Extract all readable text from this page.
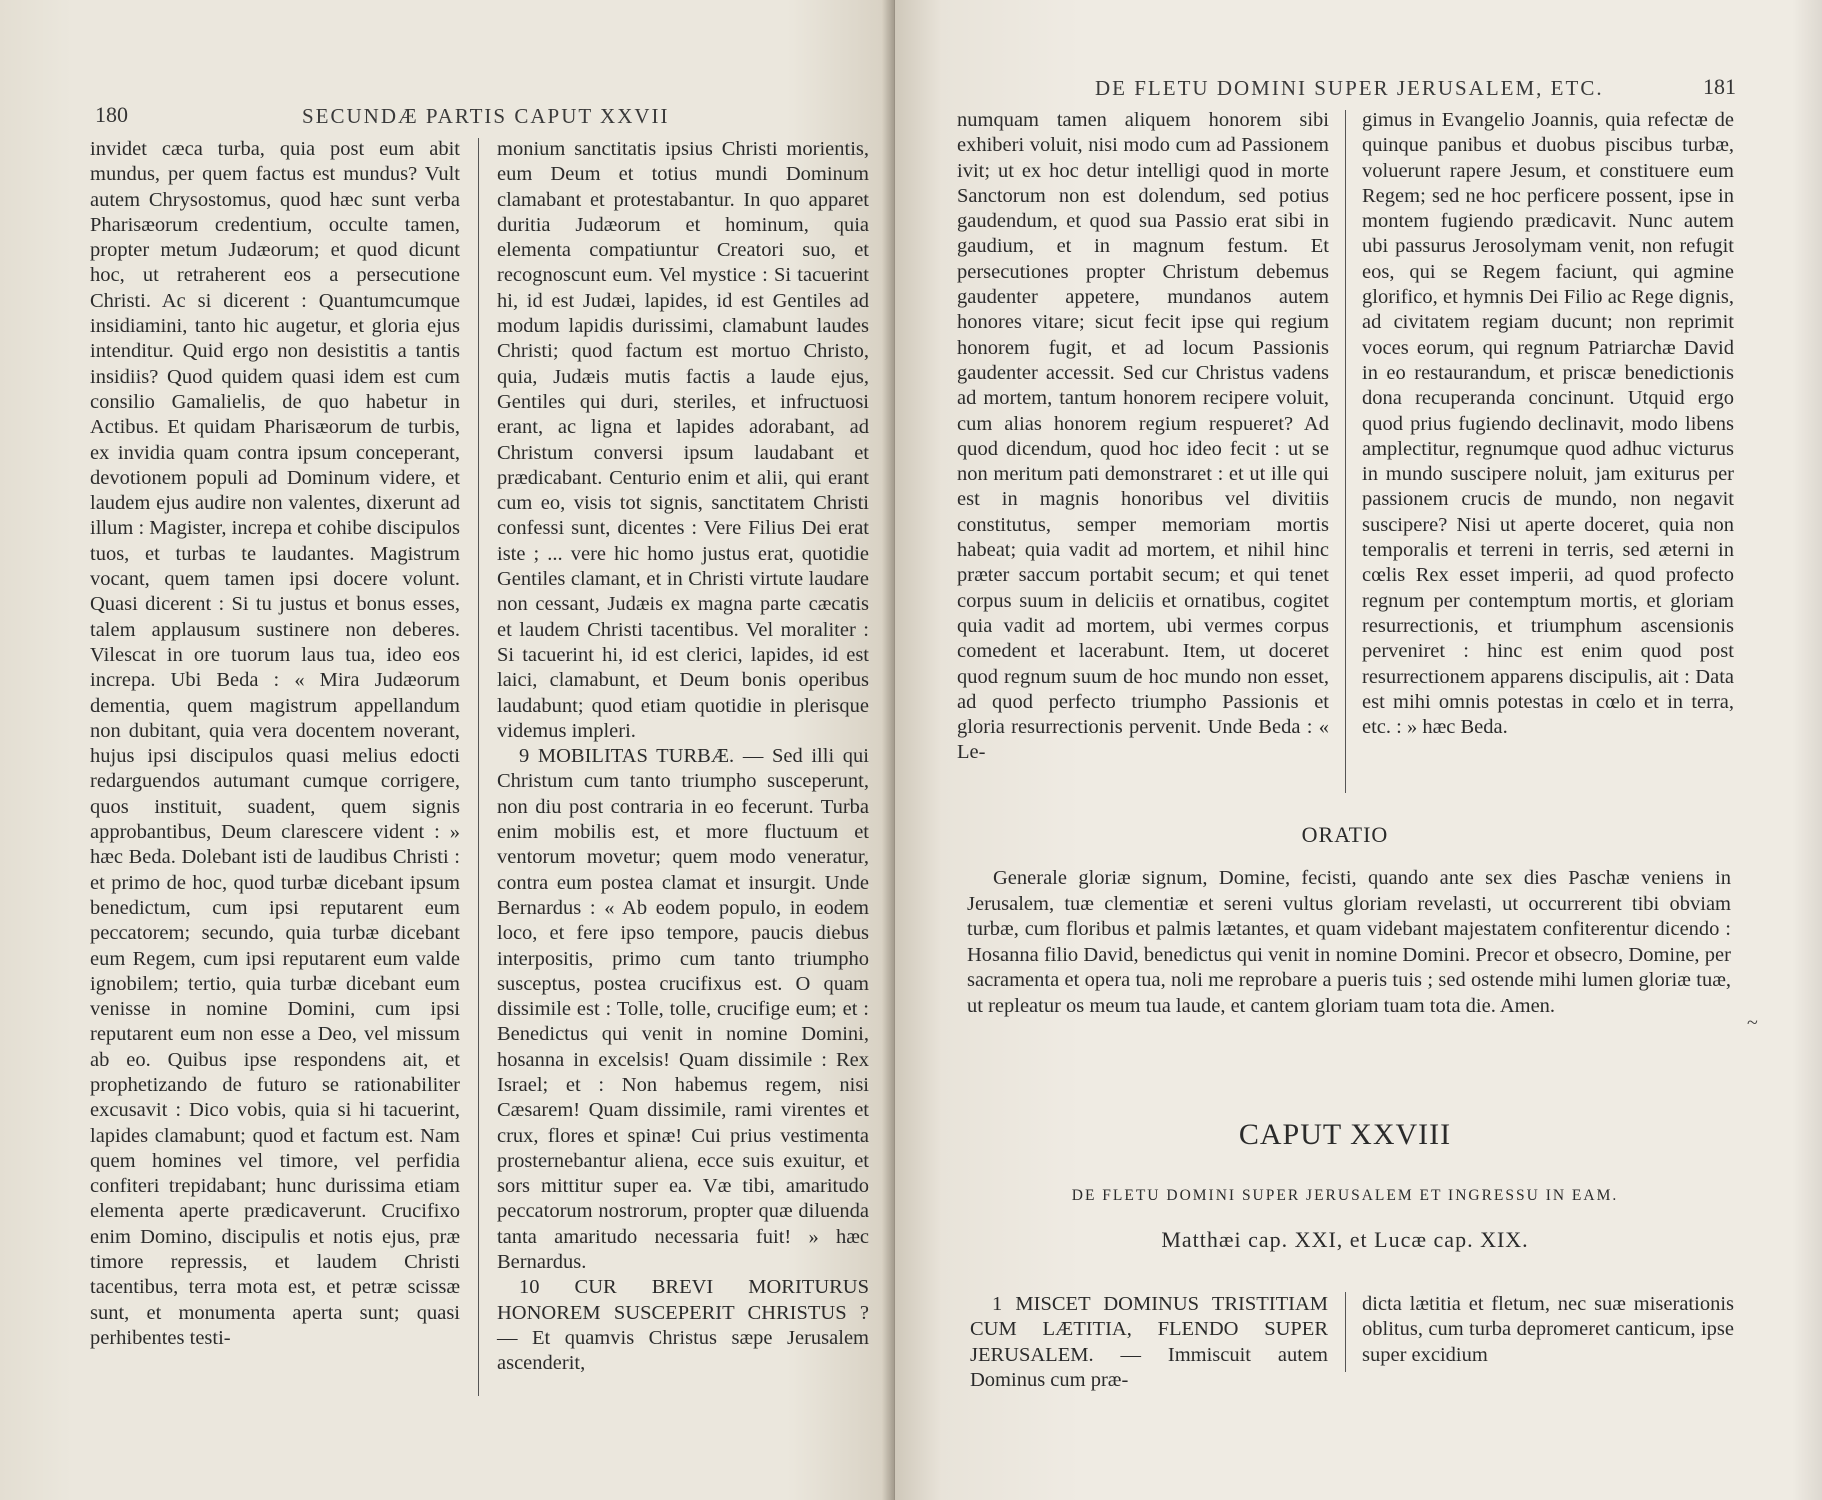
180	SECUNDÆ PARTIS CAPUT XXVII

invidet cæca turba, quia post eum abit mundus, per quem factus est mundus? Vult autem Chrysostomus, quod hæc sunt verba Pharisæorum credentium, occulte tamen, propter metum Judæorum; et quod dicunt hoc, ut retraherent eos a persecutione Christi. Ac si dicerent : Quantumcumque insidiamini, tanto hic augetur, et gloria ejus intenditur. Quid ergo non desistitis a tantis insidiis? Quod quidem quasi idem est cum consilio Gamalielis, de quo habetur in Actibus. Et quidam Pharisæorum de turbis, ex invidia quam contra ipsum conceperant, devotionem populi ad Dominum videre, et laudem ejus audire non valentes, dixerunt ad illum : Magister, increpa et cohibe discipulos tuos, et turbas te laudantes. Magistrum vocant, quem tamen ipsi docere volunt. Quasi dicerent : Si tu justus et bonus esses, talem applausum sustinere non deberes. Vilescat in ore tuorum laus tua, ideo eos increpa. Ubi Beda : « Mira Judæorum dementia, quem magistrum appellandum non dubitant, quia vera docentem noverant, hujus ipsi discipulos quasi melius edocti redarguendos autumant cumque corrigere, quos instituit, suadent, quem signis approbantibus, Deum clarescere vident : » hæc Beda. Dolebant isti de laudibus Christi : et primo de hoc, quod turbæ dicebant ipsum benedictum, cum ipsi reputarent eum peccatorem; secundo, quia turbæ dicebant eum Regem, cum ipsi reputarent eum valde ignobilem; tertio, quia turbæ dicebant eum venisse in nomine Domini, cum ipsi reputarent eum non esse a Deo, vel missum ab eo. Quibus ipse respondens ait, et prophetizando de futuro se rationabiliter excusavit : Dico vobis, quia si hi tacuerint, lapides clamabunt; quod et factum est. Nam quem homines vel timore, vel perfidia confiteri trepidabant; hunc durissima etiam elementa aperte prædicaverunt. Crucifixo enim Domino, discipulis et notis ejus, præ timore repressis, et laudem Christi tacentibus, terra mota est, et petræ scissæ sunt, et monumenta aperta sunt; quasi perhibentes testi-

monium sanctitatis ipsius Christi morientis, eum Deum et totius mundi Dominum clamabant et protestabantur. In quo apparet duritia Judæorum et hominum, quia elementa compatiuntur Creatori suo, et recognoscunt eum. Vel mystice : Si tacuerint hi, id est Judæi, lapides, id est Gentiles ad modum lapidis durissimi, clamabunt laudes Christi; quod factum est mortuo Christo, quia, Judæis mutis factis a laude ejus, Gentiles qui duri, steriles, et infructuosi erant, ac ligna et lapides adorabant, ad Christum conversi ipsum laudabant et prædicabant. Centurio enim et alii, qui erant cum eo, visis tot signis, sanctitatem Christi confessi sunt, dicentes : Vere Filius Dei erat iste ; ... vere hic homo justus erat, quotidie Gentiles clamant, et in Christi virtute laudare non cessant, Judæis ex magna parte cæcatis et laudem Christi tacentibus. Vel moraliter : Si tacuerint hi, id est clerici, lapides, id est laici, clamabunt, et Deum bonis operibus laudabunt; quod etiam quotidie in plerisque videmus impleri.

9 MOBILITAS TURBÆ. — Sed illi qui Christum cum tanto triumpho susceperunt, non diu post contraria in eo fecerunt. Turba enim mobilis est, et more fluctuum et ventorum movetur; quem modo veneratur, contra eum postea clamat et insurgit. Unde Bernardus : « Ab eodem populo, in eodem loco, et fere ipso tempore, paucis diebus interpositis, primo cum tanto triumpho susceptus, postea crucifixus est. O quam dissimile est : Tolle, tolle, crucifige eum; et : Benedictus qui venit in nomine Domini, hosanna in excelsis! Quam dissimile : Rex Israel; et : Non habemus regem, nisi Cæsarem! Quam dissimile, rami virentes et crux, flores et spinæ! Cui prius vestimenta prosternebantur aliena, ecce suis exuitur, et sors mittitur super ea. Væ tibi, amaritudo peccatorum nostrorum, propter quæ diluenda tanta amaritudo necessaria fuit! » hæc Bernardus.

10 CUR BREVI MORITURUS HONOREM SUSCEPERIT CHRISTUS ? — Et quamvis Christus sæpe Jerusalem ascenderit,

DE FLETU DOMINI SUPER JERUSALEM, ETC.	181

numquam tamen aliquem honorem sibi exhiberi voluit, nisi modo cum ad Passionem ivit; ut ex hoc detur intelligi quod in morte Sanctorum non est dolendum, sed potius gaudendum, et quod sua Passio erat sibi in gaudium, et in magnum festum. Et persecutiones propter Christum debemus gaudenter appetere, mundanos autem honores vitare; sicut fecit ipse qui regium honorem fugit, et ad locum Passionis gaudenter accessit. Sed cur Christus vadens ad mortem, tantum honorem recipere voluit, cum alias honorem regium respueret? Ad quod dicendum, quod hoc ideo fecit : ut se non meritum pati demonstraret : et ut ille qui est in magnis honoribus vel divitiis constitutus, semper memoriam mortis habeat; quia vadit ad mortem, et nihil hinc præter saccum portabit secum; et qui tenet corpus suum in deliciis et ornatibus, cogitet quia vadit ad mortem, ubi vermes corpus comedent et lacerabunt. Item, ut doceret quod regnum suum de hoc mundo non esset, ad quod perfecto triumpho Passionis et gloria resurrectionis pervenit. Unde Beda : « Le-

gimus in Evangelio Joannis, quia refectæ de quinque panibus et duobus piscibus turbæ, voluerunt rapere Jesum, et constituere eum Regem; sed ne hoc perficere possent, ipse in montem fugiendo prædicavit. Nunc autem ubi passurus Jerosolymam venit, non refugit eos, qui se Regem faciunt, qui agmine glorifico, et hymnis Dei Filio ac Rege dignis, ad civitatem regiam ducunt; non reprimit voces eorum, qui regnum Patriarchæ David in eo restaurandum, et priscæ benedictionis dona recuperanda concinunt. Utquid ergo quod prius fugiendo declinavit, modo libens amplectitur, regnumque quod adhuc victurus in mundo suscipere noluit, jam exiturus per passionem crucis de mundo, non negavit suscipere? Nisi ut aperte doceret, quia non temporalis et terreni in terris, sed æterni in cœlis Rex esset imperii, ad quod profecto regnum per contemptum mortis, et gloriam resurrectionis, et triumphum ascensionis perveniret : hinc est enim quod post resurrectionem apparens discipulis, ait : Data est mihi omnis potestas in cœlo et in terra, etc. : » hæc Beda.

ORATIO

Generale gloriæ signum, Domine, fecisti, quando ante sex dies Paschæ veniens in Jerusalem, tuæ clementiæ et sereni vultus gloriam revelasti, ut occurrerent tibi obviam turbæ, cum floribus et palmis lætantes, et quam videbant majestatem confiterentur dicendo : Hosanna filio David, benedictus qui venit in nomine Domini. Precor et obsecro, Domine, per sacramenta et opera tua, noli me reprobare a pueris tuis ; sed ostende mihi lumen gloriæ tuæ, ut repleatur os meum tua laude, et cantem gloriam tuam tota die. Amen.

~
CAPUT XXVIII
DE FLETU DOMINI SUPER JERUSALEM ET INGRESSU IN EAM.
Matthæi cap. XXI, et Lucæ cap. XIX.

1 MISCET DOMINUS TRISTITIAM CUM LÆTITIA, FLENDO SUPER JERUSALEM. — Immiscuit autem Dominus cum præ-

dicta lætitia et fletum, nec suæ miserationis oblitus, cum turba depromeret canticum, ipse super excidium
